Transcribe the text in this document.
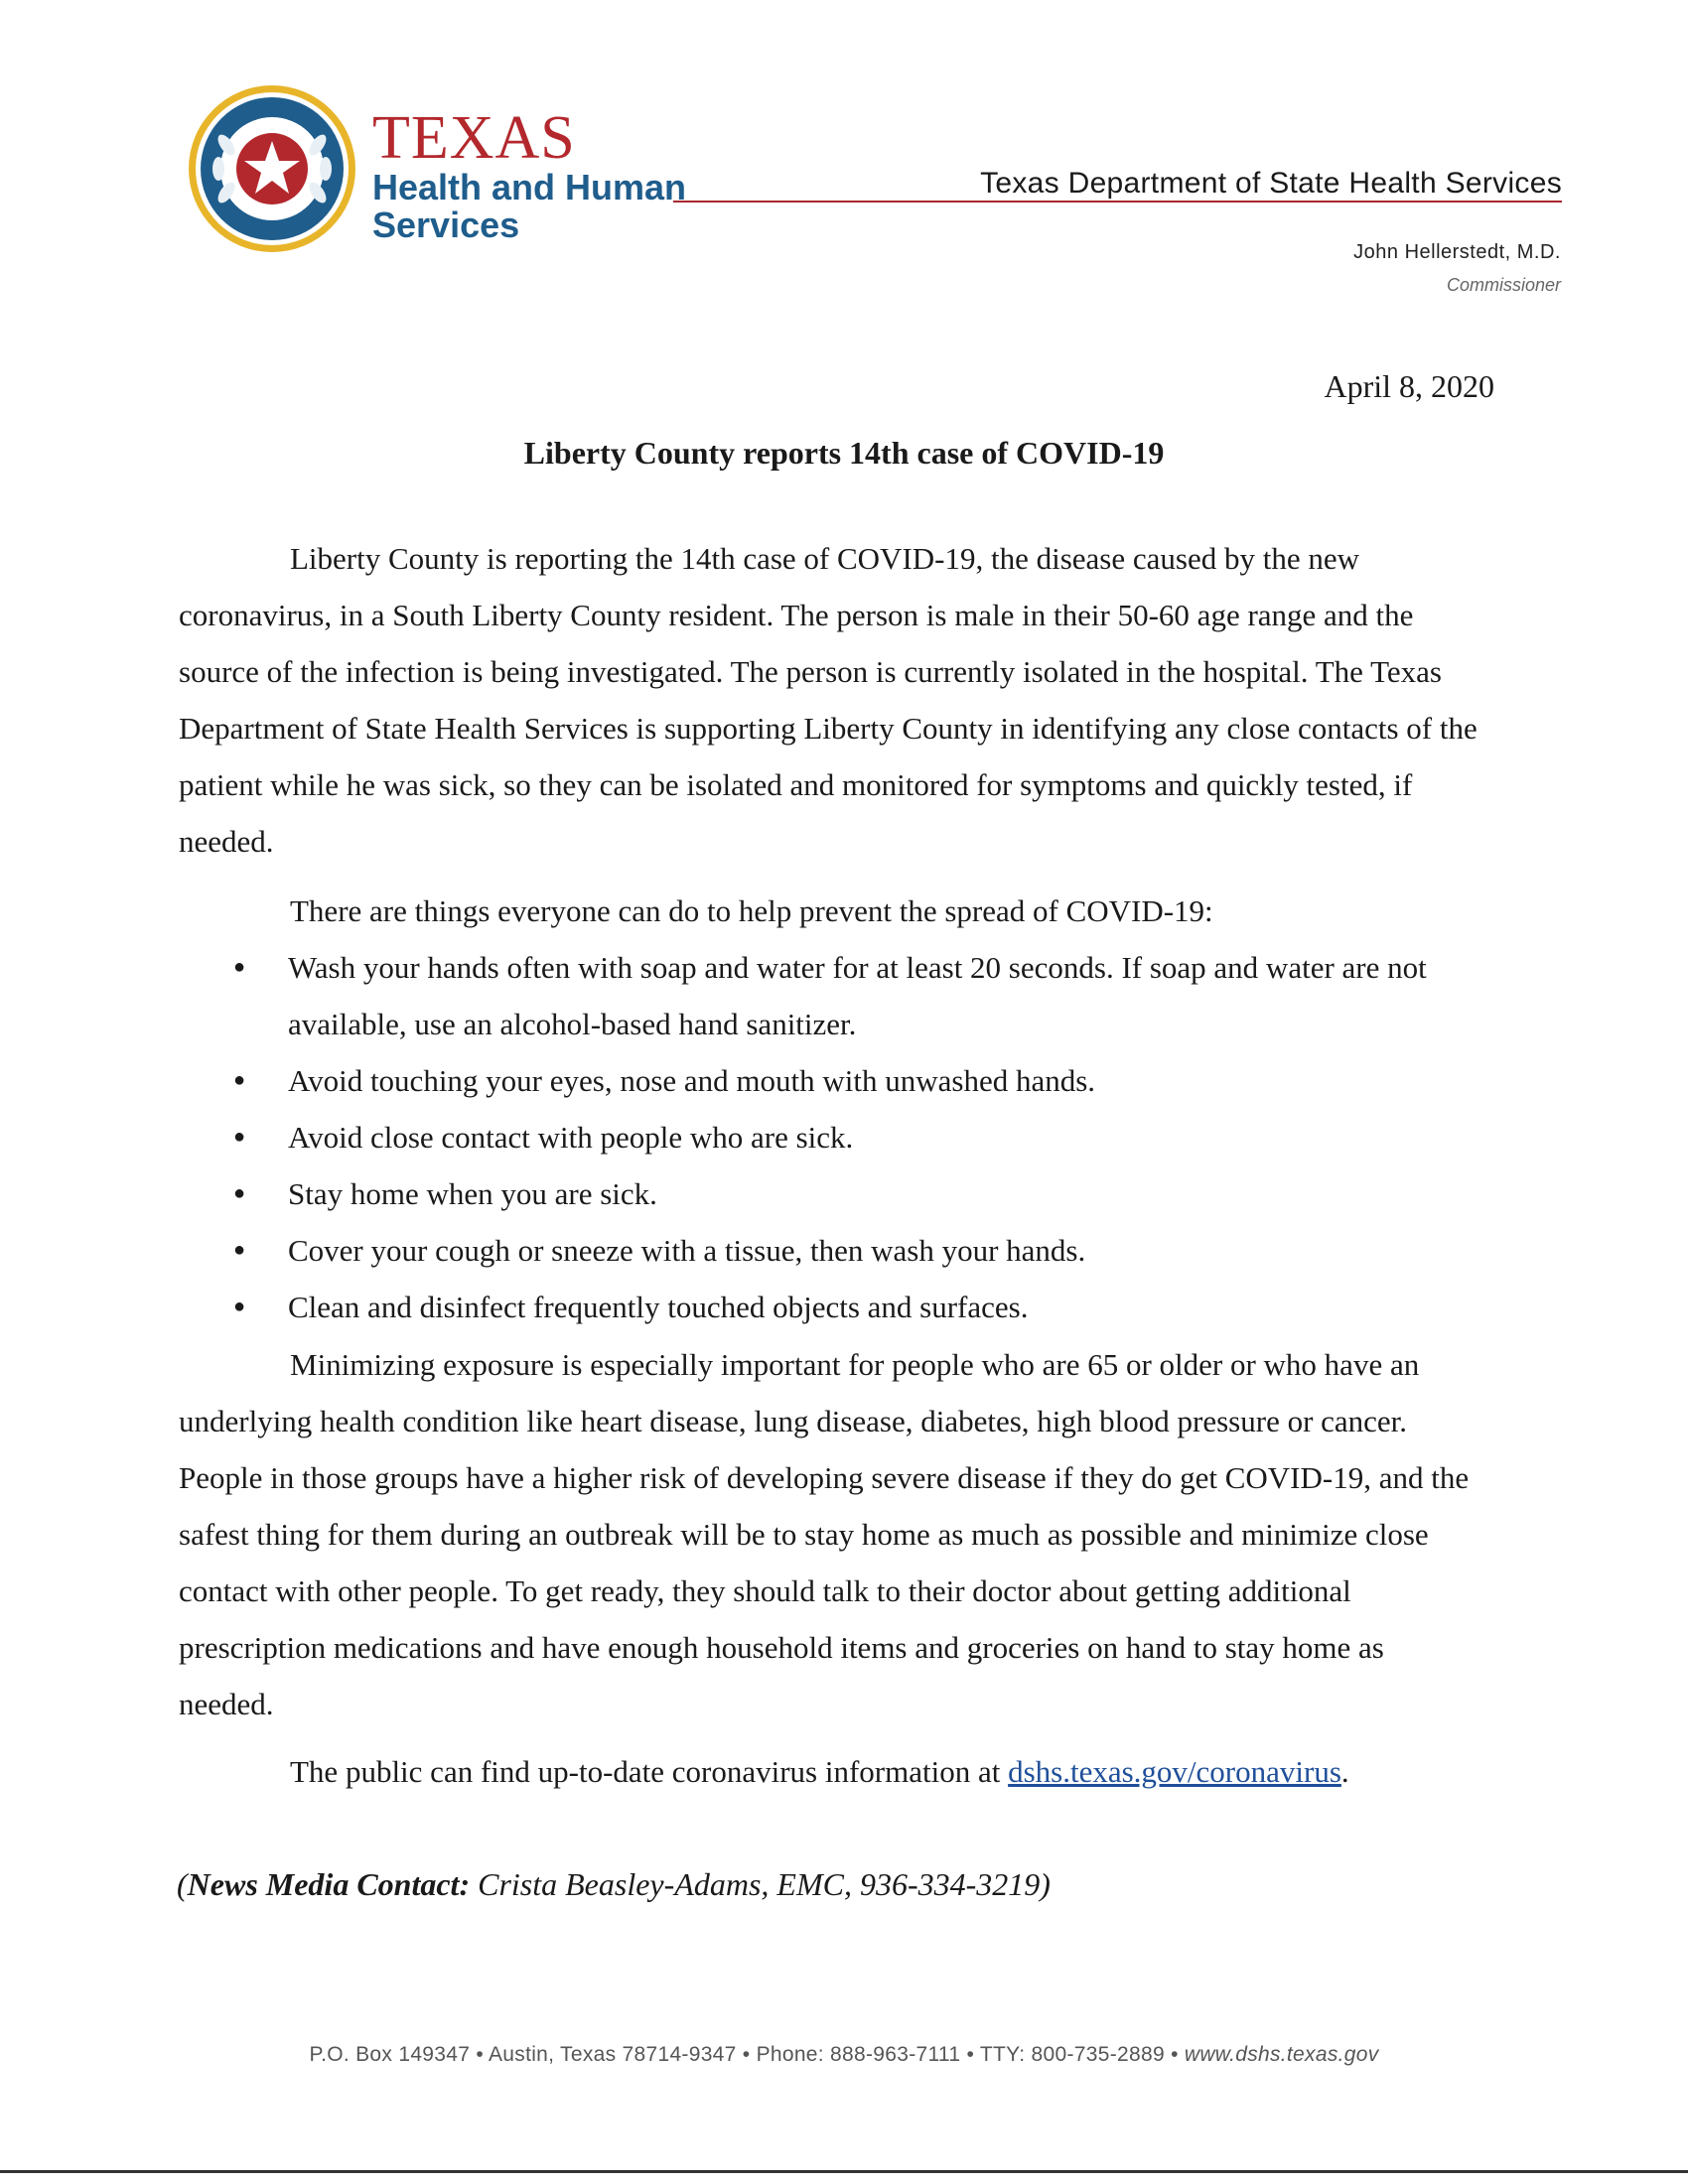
TEXAS
Health and Human
Services
Texas Department of State Health Services
John Hellerstedt, M.D.
Commissioner
April 8, 2020
Liberty County reports 14th case of COVID-19

Liberty County is reporting the 14th case of COVID-19, the disease caused by the new coronavirus, in a South Liberty County resident. The person is male in their 50-60 age range and the source of the infection is being investigated. The person is currently isolated in the hospital. The Texas Department of State Health Services is supporting Liberty County in identifying any close contacts of the patient while he was sick, so they can be isolated and monitored for symptoms and quickly tested, if needed.

There are things everyone can do to help prevent the spread of COVID-19:

● Wash your hands often with soap and water for at least 20 seconds. If soap and water are not available, use an alcohol-based hand sanitizer.
● Avoid touching your eyes, nose and mouth with unwashed hands.
● Avoid close contact with people who are sick.
● Stay home when you are sick.
● Cover your cough or sneeze with a tissue, then wash your hands.
● Clean and disinfect frequently touched objects and surfaces.

Minimizing exposure is especially important for people who are 65 or older or who have an underlying health condition like heart disease, lung disease, diabetes, high blood pressure or cancer. People in those groups have a higher risk of developing severe disease if they do get COVID-19, and the safest thing for them during an outbreak will be to stay home as much as possible and minimize close contact with other people. To get ready, they should talk to their doctor about getting additional prescription medications and have enough household items and groceries on hand to stay home as needed.

The public can find up-to-date coronavirus information at dshs.texas.gov/coronavirus.

(News Media Contact: Crista Beasley-Adams, EMC, 936-334-3219)
P.O. Box 149347 • Austin, Texas 78714-9347 • Phone: 888-963-7111 • TTY: 800-735-2889 • www.dshs.texas.gov
